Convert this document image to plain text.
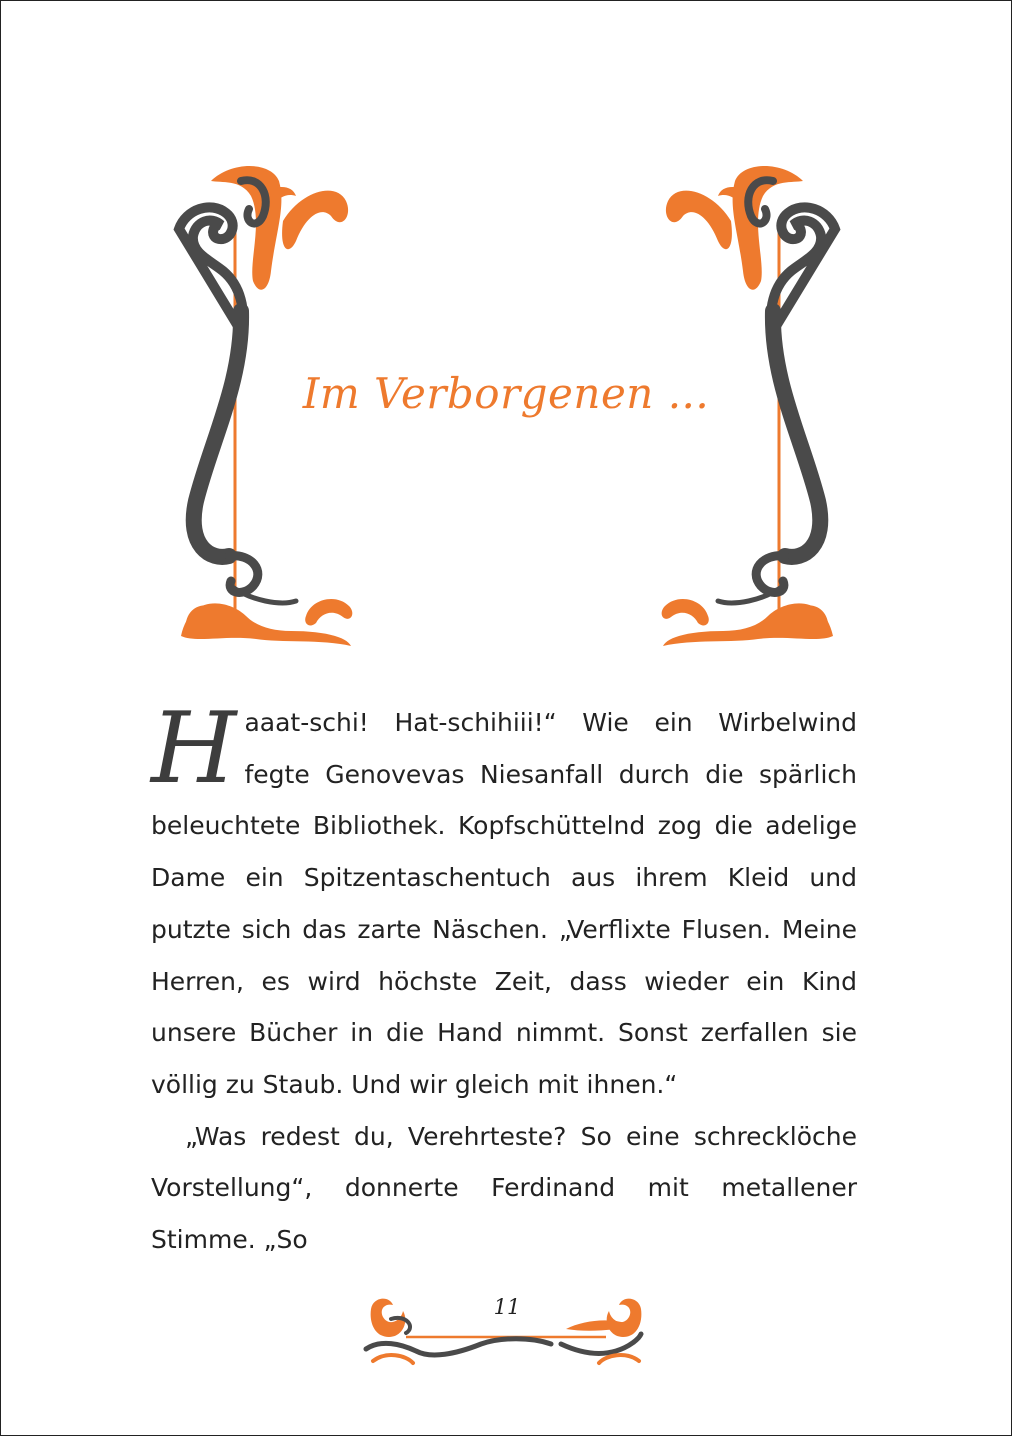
Im Verborgenen ...

Haaat-schi! Hat-schihiii!“ Wie ein Wirbelwind fegte Genovevas Niesanfall durch die spärlich beleuchtete Bibliothek. Kopfschüttelnd zog die adelige Dame ein Spitzentaschentuch aus ihrem Kleid und putzte sich das zarte Näschen. „Verflixte Flusen. Meine Herren, es wird höchste Zeit, dass wieder ein Kind unsere Bücher in die Hand nimmt. Sonst zerfallen sie völlig zu Staub. Und wir gleich mit ihnen.“

„Was redest du, Verehrteste? So eine schrecklöche Vorstellung“, donnerte Ferdinand mit metallener Stimme. „So

11
